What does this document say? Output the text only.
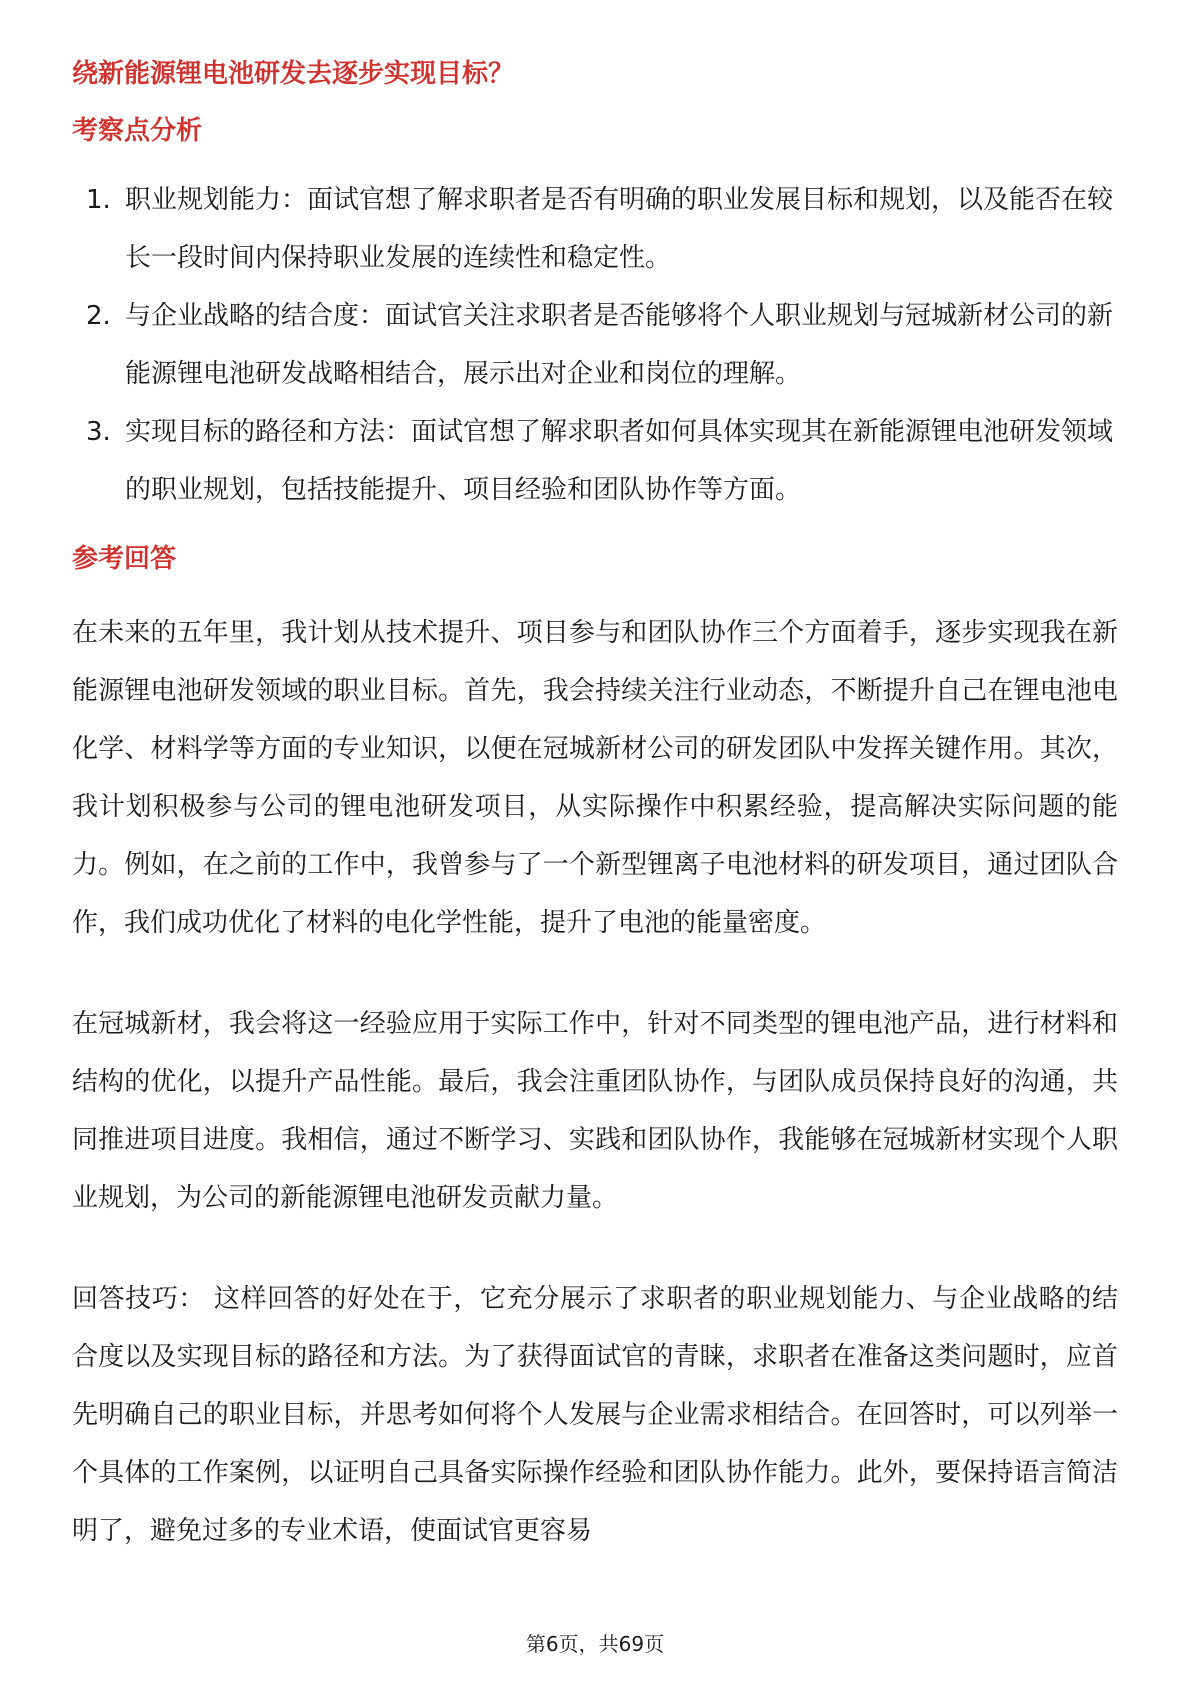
绕新能源锂电池研发去逐步实现目标？
考察点分析
1. 职业规划能力：面试官想了解求职者是否有明确的职业发展目标和规划，以及能否在较长一段时间内保持职业发展的连续性和稳定性。
2. 与企业战略的结合度：面试官关注求职者是否能够将个人职业规划与冠城新材公司的新能源锂电池研发战略相结合，展示出对企业和岗位的理解。
3. 实现目标的路径和方法：面试官想了解求职者如何具体实现其在新能源锂电池研发领域的职业规划，包括技能提升、项目经验和团队协作等方面。
参考回答

在未来的五年里，我计划从技术提升、项目参与和团队协作三个方面着手，逐步实现我在新能源锂电池研发领域的职业目标。首先，我会持续关注行业动态，不断提升自己在锂电池电化学、材料学等方面的专业知识，以便在冠城新材公司的研发团队中发挥关键作用。其次，我计划积极参与公司的锂电池研发项目，从实际操作中积累经验，提高解决实际问题的能力。例如，在之前的工作中，我曾参与了一个新型锂离子电池材料的研发项目，通过团队合作，我们成功优化了材料的电化学性能，提升了电池的能量密度。

在冠城新材，我会将这一经验应用于实际工作中，针对不同类型的锂电池产品，进行材料和结构的优化，以提升产品性能。最后，我会注重团队协作，与团队成员保持良好的沟通，共同推进项目进度。我相信，通过不断学习、实践和团队协作，我能够在冠城新材实现个人职业规划，为公司的新能源锂电池研发贡献力量。

回答技巧： 这样回答的好处在于，它充分展示了求职者的职业规划能力、与企业战略的结合度以及实现目标的路径和方法。为了获得面试官的青睐，求职者在准备这类问题时，应首先明确自己的职业目标，并思考如何将个人发展与企业需求相结合。在回答时，可以列举一个具体的工作案例，以证明自己具备实际操作经验和团队协作能力。此外，要保持语言简洁明了，避免过多的专业术语，使面试官更容易

第6页，共69页
